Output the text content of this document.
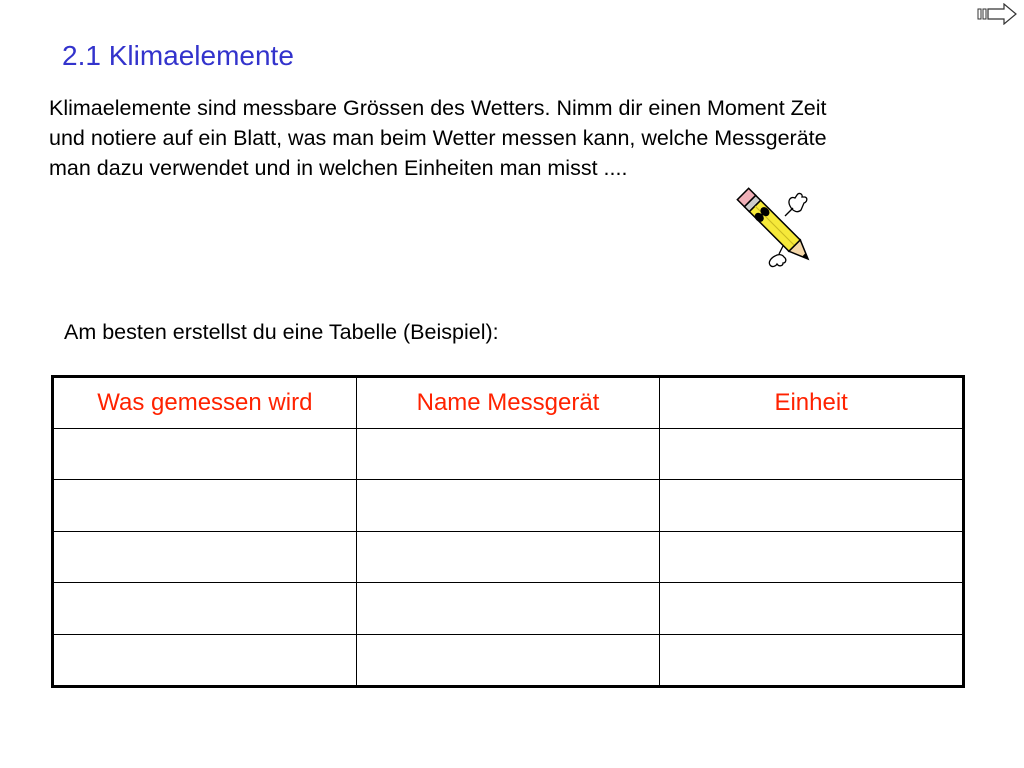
2.1 Klimaelemente

Klimaelemente sind messbare Grössen des Wetters. Nimm dir einen Moment Zeit
und notiere auf ein Blatt, was man beim Wetter messen kann, welche Messgeräte
man dazu verwendet und in welchen Einheiten man misst ....

Am besten erstellst du eine Tabelle (Beispiel):

Was gemessen wird	Name Messgerät	Einheit
